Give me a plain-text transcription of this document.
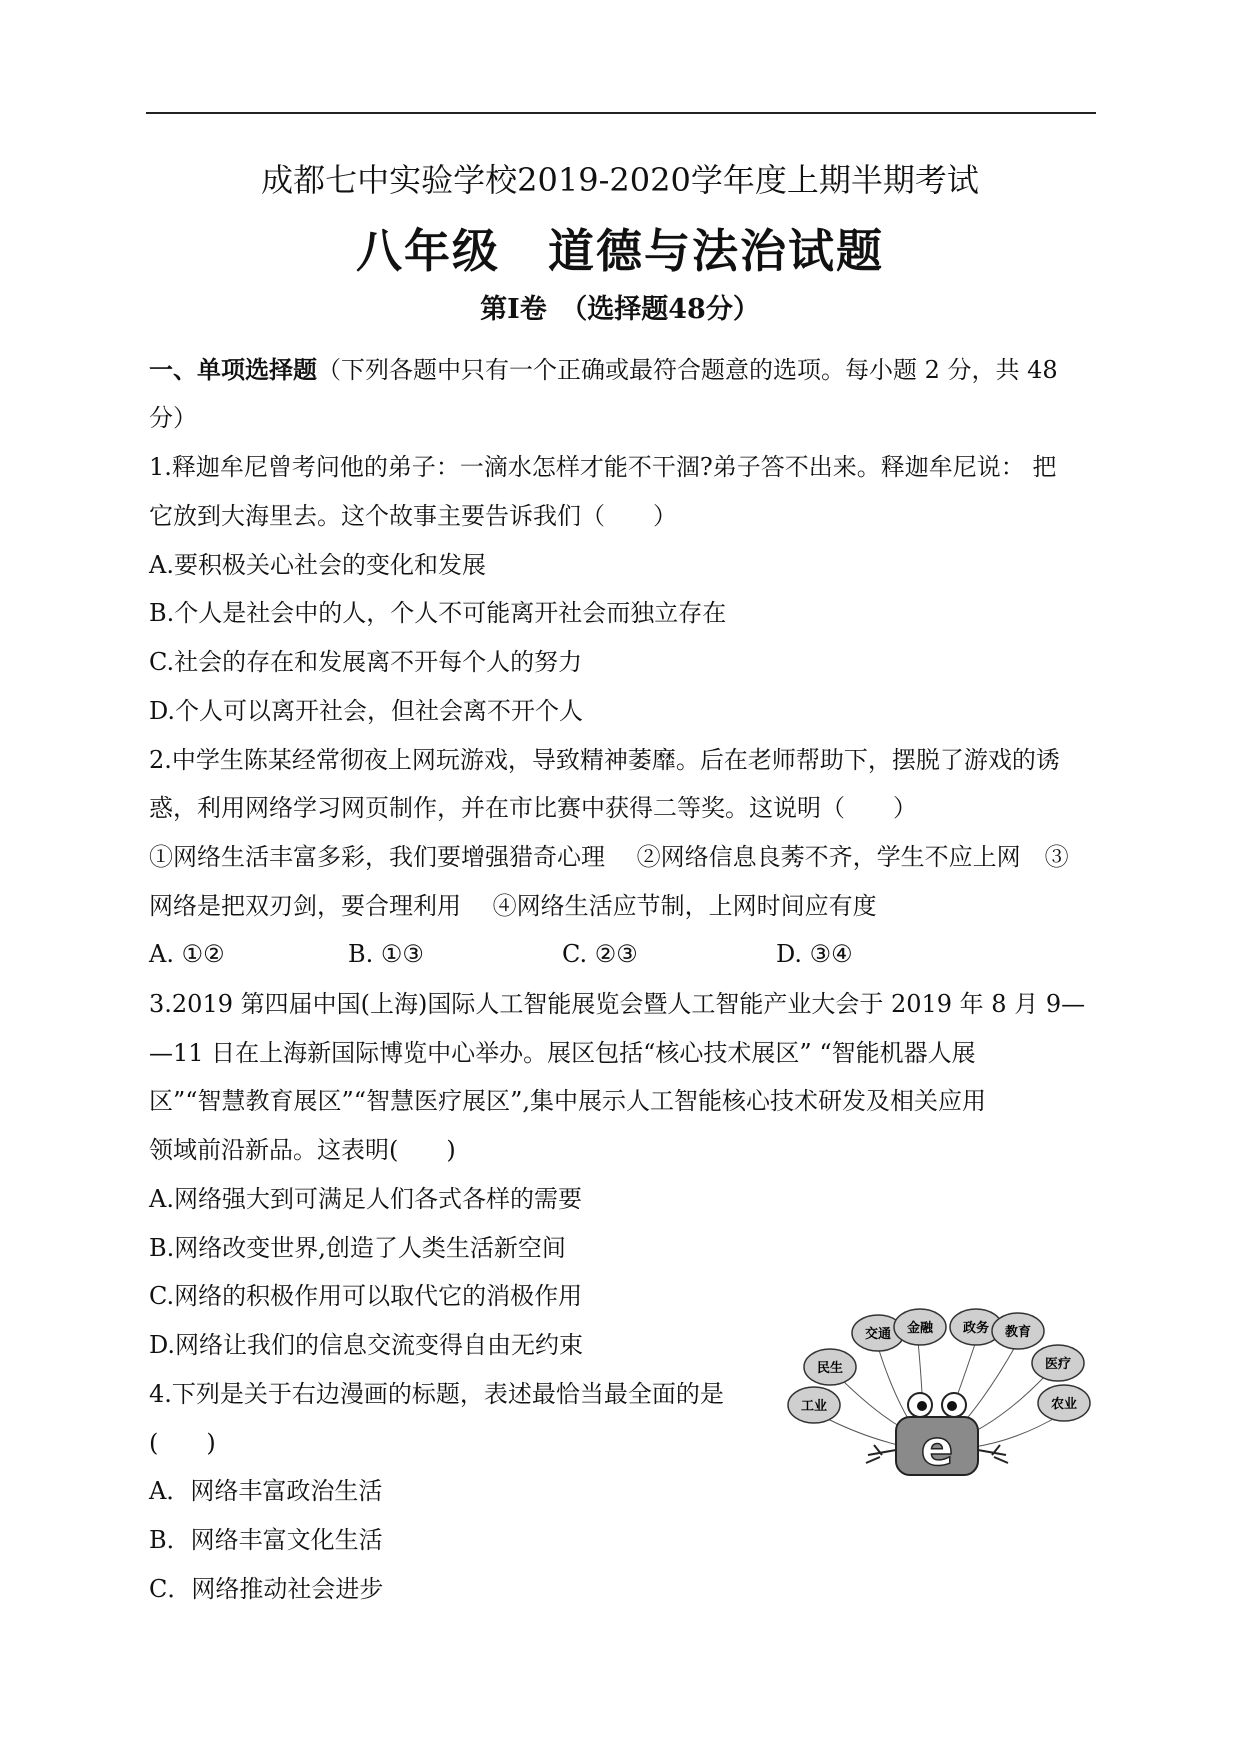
成都七中实验学校2019-2020学年度上期半期考试
八年级　道德与法治试题
第Ⅰ卷　（选择题48分）
一、单项选择题（下列各题中只有一个正确或最符合题意的选项。每小题 2 分，共 48
分）
1.释迦牟尼曾考问他的弟子：一滴水怎样才能不干涸?弟子答不出来。释迦牟尼说： 把
它放到大海里去。这个故事主要告诉我们（　　）
A.要积极关心社会的变化和发展
B.个人是社会中的人，个人不可能离开社会而独立存在
C.社会的存在和发展离不开每个人的努力
D.个人可以离开社会，但社会离不开个人
2.中学生陈某经常彻夜上网玩游戏，导致精神萎靡。后在老师帮助下，摆脱了游戏的诱
惑，利用网络学习网页制作，并在市比赛中获得二等奖。这说明（　　）
①网络生活丰富多彩，我们要增强猎奇心理　 ②网络信息良莠不齐，学生不应上网　③
网络是把双刃剑，要合理利用　 ④网络生活应节制，上网时间应有度
A. ①②	B. ①③	C. ②③	D. ③④
3.2019 第四届中国(上海)国际人工智能展览会暨人工智能产业大会于 2019 年 8 月 9—
—11 日在上海新国际博览中心举办。展区包括“核心技术展区” “智能机器人展
区”“智慧教育展区”“智慧医疗展区”,集中展示人工智能核心技术研发及相关应用
领域前沿新品。这表明(　　)
A.网络强大到可满足人们各式各样的需要
B.网络改变世界,创造了人类生活新空间
C.网络的积极作用可以取代它的消极作用
D.网络让我们的信息交流变得自由无约束
4.下列是关于右边漫画的标题，表述最恰当最全面的是
(　　)
A．网络丰富政治生活
B．网络丰富文化生活
C．网络推动社会进步
交通 金融
民生
工业
政务 教育
医疗
农业
e
